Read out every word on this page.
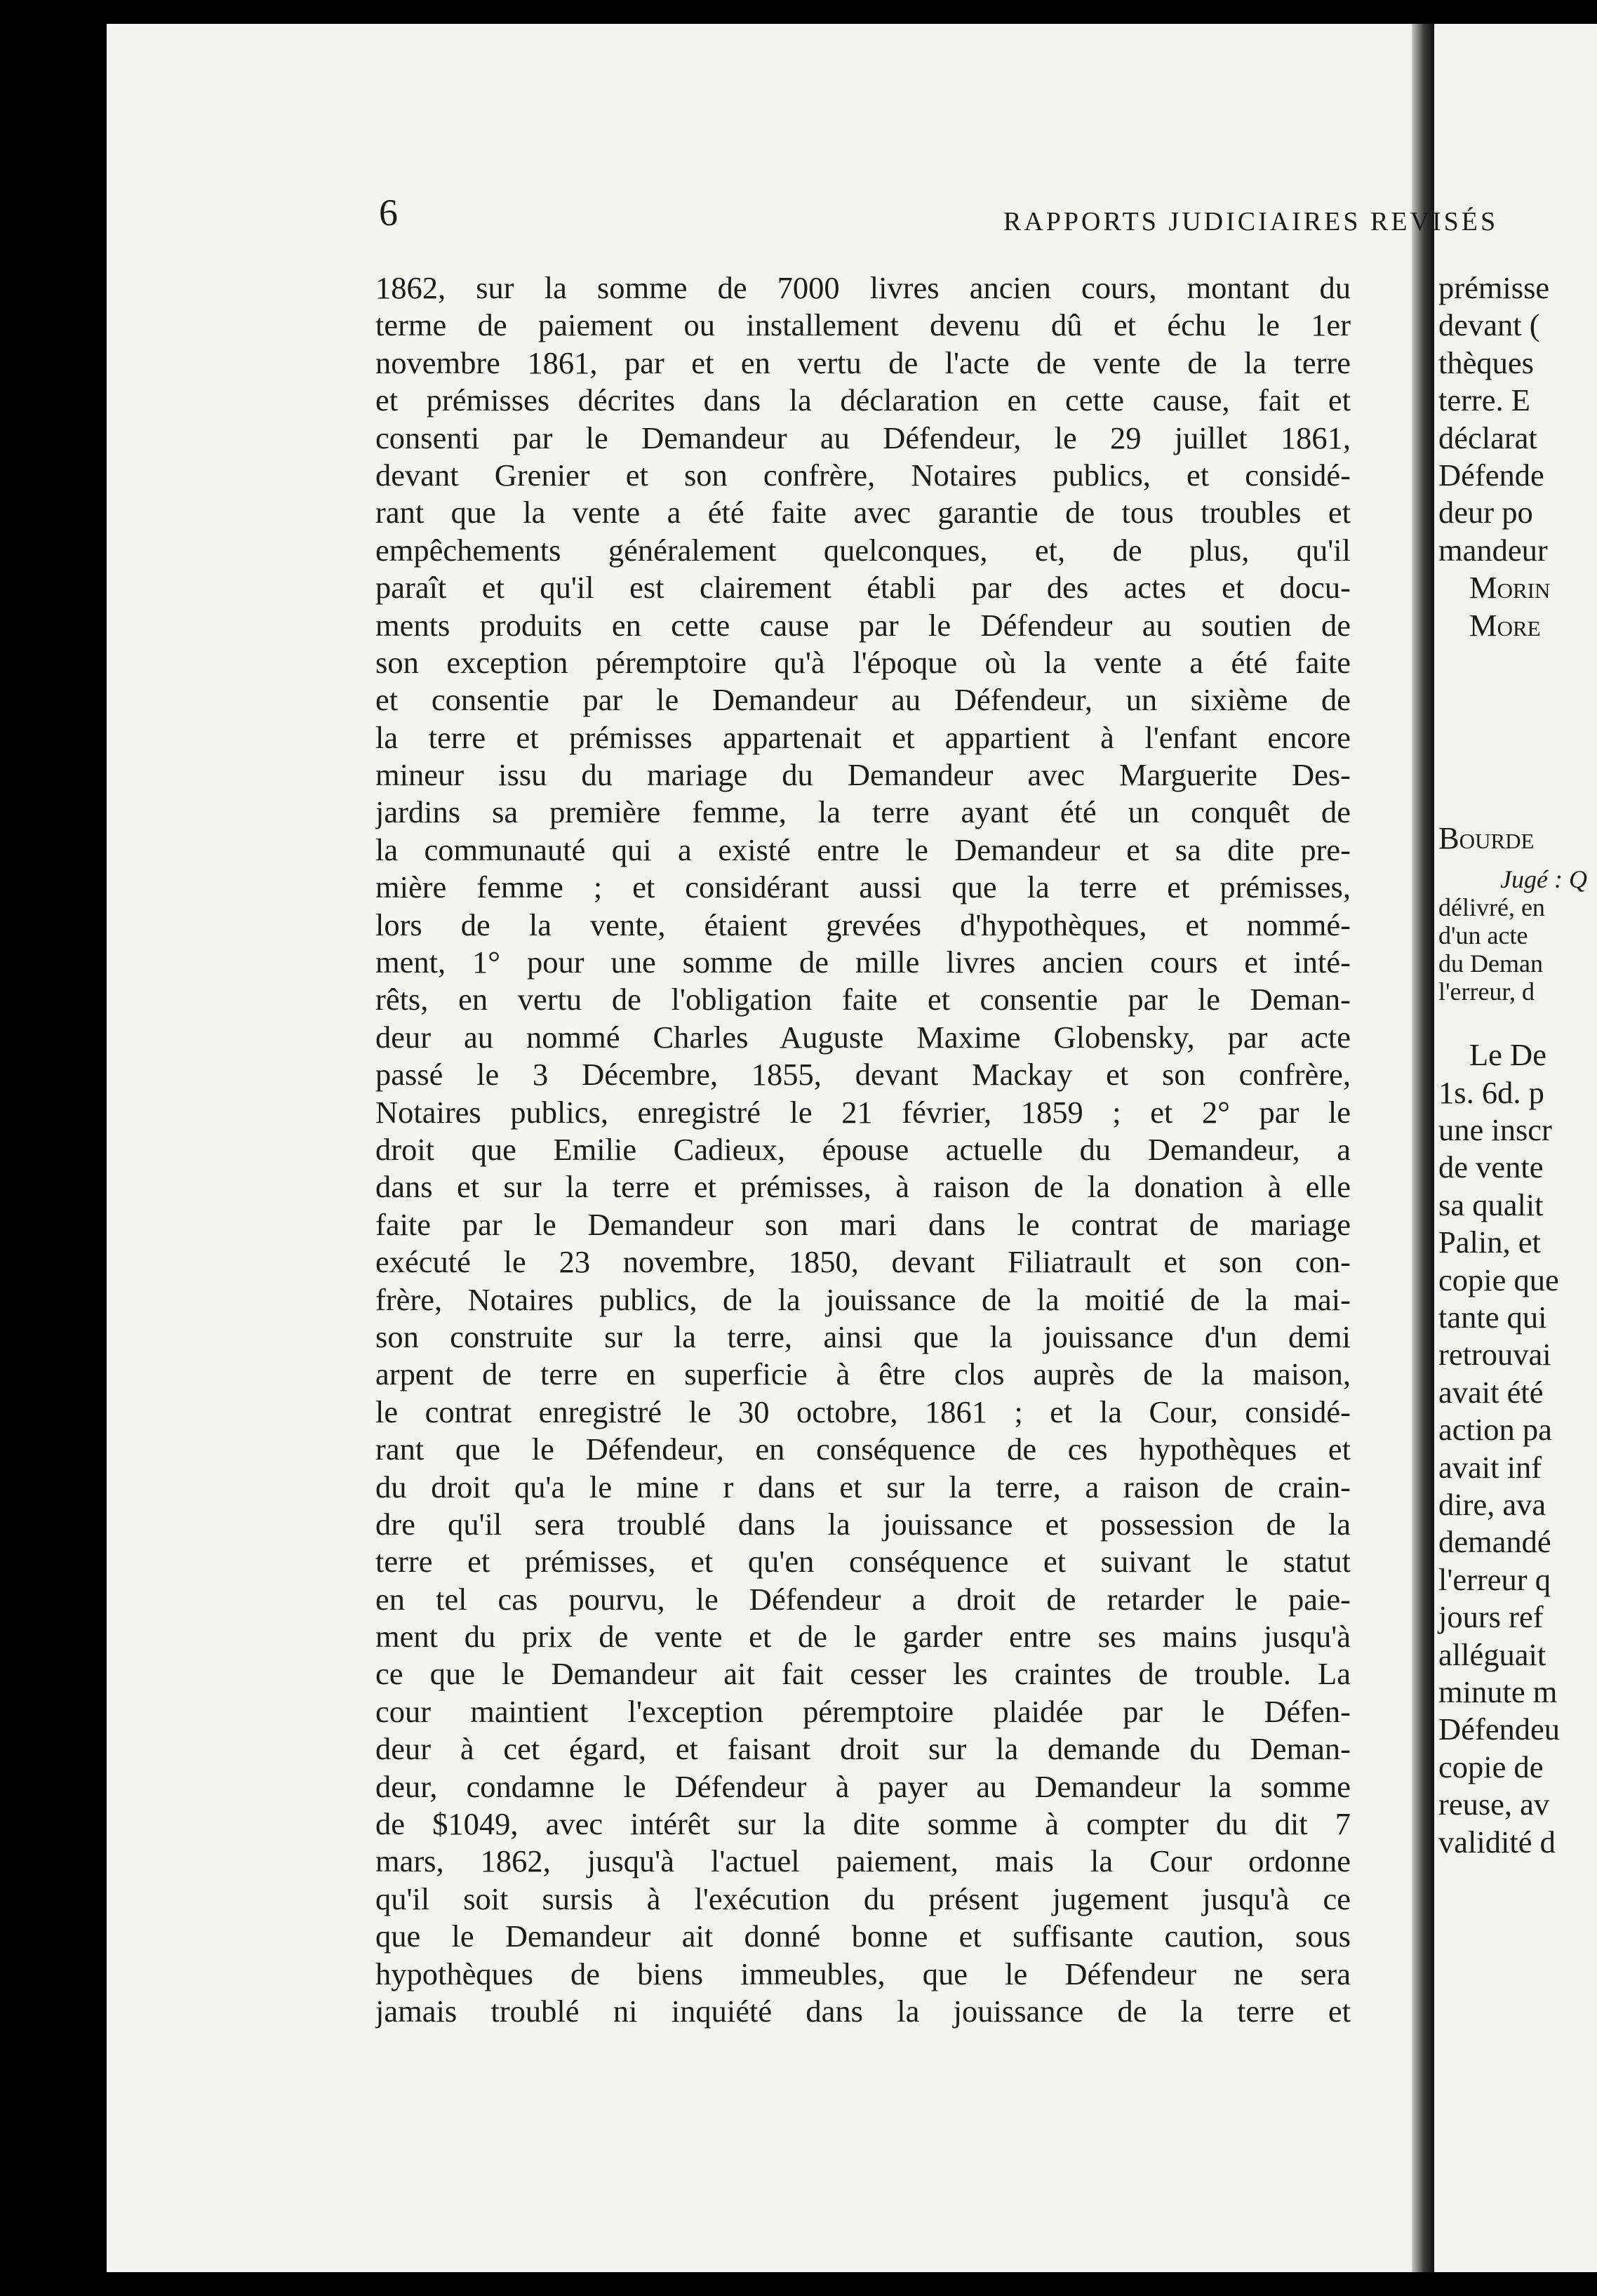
6	RAPPORTS JUDICIAIRES REVISÉS
1862, sur la somme de 7000 livres ancien cours, montant du
terme de paiement ou installement devenu dû et échu le 1er
novembre 1861, par et en vertu de l'acte de vente de la terre
et prémisses décrites dans la déclaration en cette cause, fait et
consenti par le Demandeur au Défendeur, le 29 juillet 1861,
devant Grenier et son confrère, Notaires publics, et considé-
rant que la vente a été faite avec garantie de tous troubles et
empêchements généralement quelconques, et, de plus, qu'il
paraît et qu'il est clairement établi par des actes et docu-
ments produits en cette cause par le Défendeur au soutien de
son exception péremptoire qu'à l'époque où la vente a été faite
et consentie par le Demandeur au Défendeur, un sixième de
la terre et prémisses appartenait et appartient à l'enfant encore
mineur issu du mariage du Demandeur avec Marguerite Des-
jardins sa première femme, la terre ayant été un conquêt de
la communauté qui a existé entre le Demandeur et sa dite pre-
mière femme ; et considérant aussi que la terre et prémisses,
lors de la vente, étaient grevées d'hypothèques, et nommé-
ment, 1° pour une somme de mille livres ancien cours et inté-
rêts, en vertu de l'obligation faite et consentie par le Deman-
deur au nommé Charles Auguste Maxime Globensky, par acte
passé le 3 Décembre, 1855, devant Mackay et son confrère,
Notaires publics, enregistré le 21 février, 1859 ; et 2° par le
droit que Emilie Cadieux, épouse actuelle du Demandeur, a
dans et sur la terre et prémisses, à raison de la donation à elle
faite par le Demandeur son mari dans le contrat de mariage
exécuté le 23 novembre, 1850, devant Filiatrault et son con-
frère, Notaires publics, de la jouissance de la moitié de la mai-
son construite sur la terre, ainsi que la jouissance d'un demi
arpent de terre en superficie à être clos auprès de la maison,
le contrat enregistré le 30 octobre, 1861 ; et la Cour, considé-
rant que le Défendeur, en conséquence de ces hypothèques et
du droit qu'a le mine r dans et sur la terre, a raison de crain-
dre qu'il sera troublé dans la jouissance et possession de la
terre et prémisses, et qu'en conséquence et suivant le statut
en tel cas pourvu, le Défendeur a droit de retarder le paie-
ment du prix de vente et de le garder entre ses mains jusqu'à
ce que le Demandeur ait fait cesser les craintes de trouble. La
cour maintient l'exception péremptoire plaidée par le Défen-
deur à cet égard, et faisant droit sur la demande du Deman-
deur, condamne le Défendeur à payer au Demandeur la somme
de $1049, avec intérêt sur la dite somme à compter du dit 7
mars, 1862, jusqu'à l'actuel paiement, mais la Cour ordonne
qu'il soit sursis à l'exécution du présent jugement jusqu'à ce
que le Demandeur ait donné bonne et suffisante caution, sous
hypothèques de biens immeubles, que le Défendeur ne sera
jamais troublé ni inquiété dans la jouissance de la terre et
prémisse
devant (
thèques
terre. E
déclarat
Défende
deur po
mandeur
Morin
More
Bourde
Jugé : Q
délivré, en
d'un acte
du Deman
l'erreur, d
Le De
1s. 6d. p
une inscr
de vente
sa qualit
Palin, et
copie que
tante qui
retrouvai
avait été
action pa
avait inf
dire, ava
demandé
l'erreur q
jours ref
alléguait
minute m
Défendeu
copie de
reuse, av
validité d
